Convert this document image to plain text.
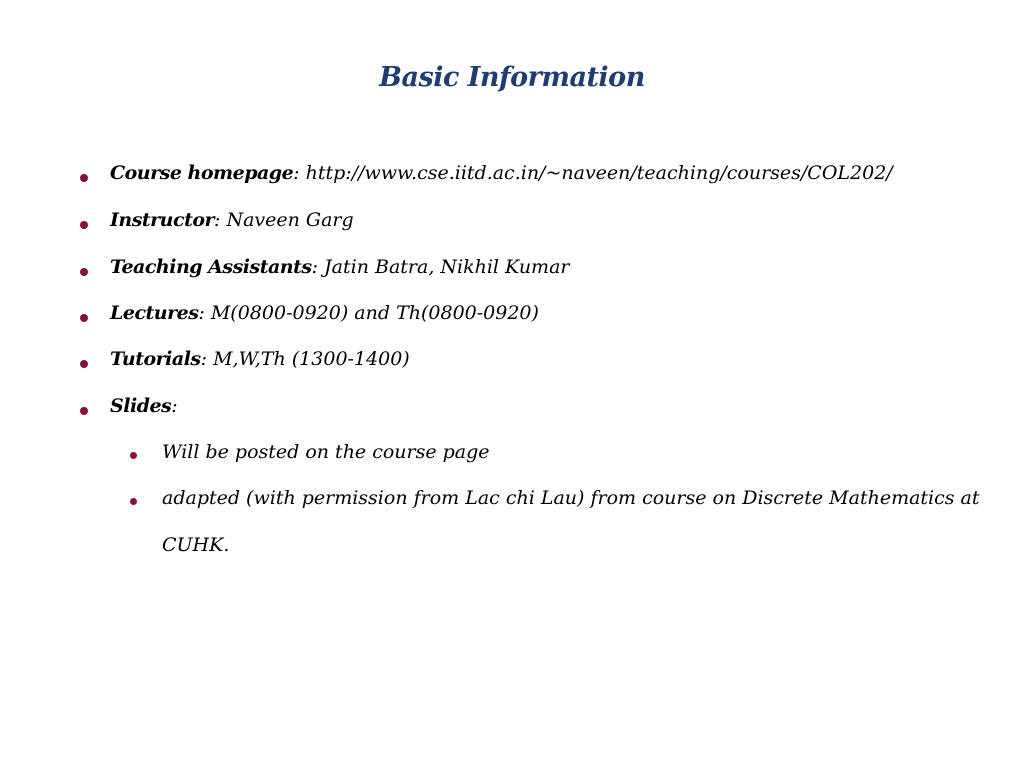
Basic Information
Course homepage: http://www.cse.iitd.ac.in/~naveen/teaching/courses/COL202/
Instructor: Naveen Garg
Teaching Assistants: Jatin Batra, Nikhil Kumar
Lectures: M(0800-0920) and Th(0800-0920)
Tutorials: M,W,Th (1300-1400)
Slides:
Will be posted on the course page
adapted (with permission from Lac chi Lau) from course on Discrete Mathematics at
CUHK.
